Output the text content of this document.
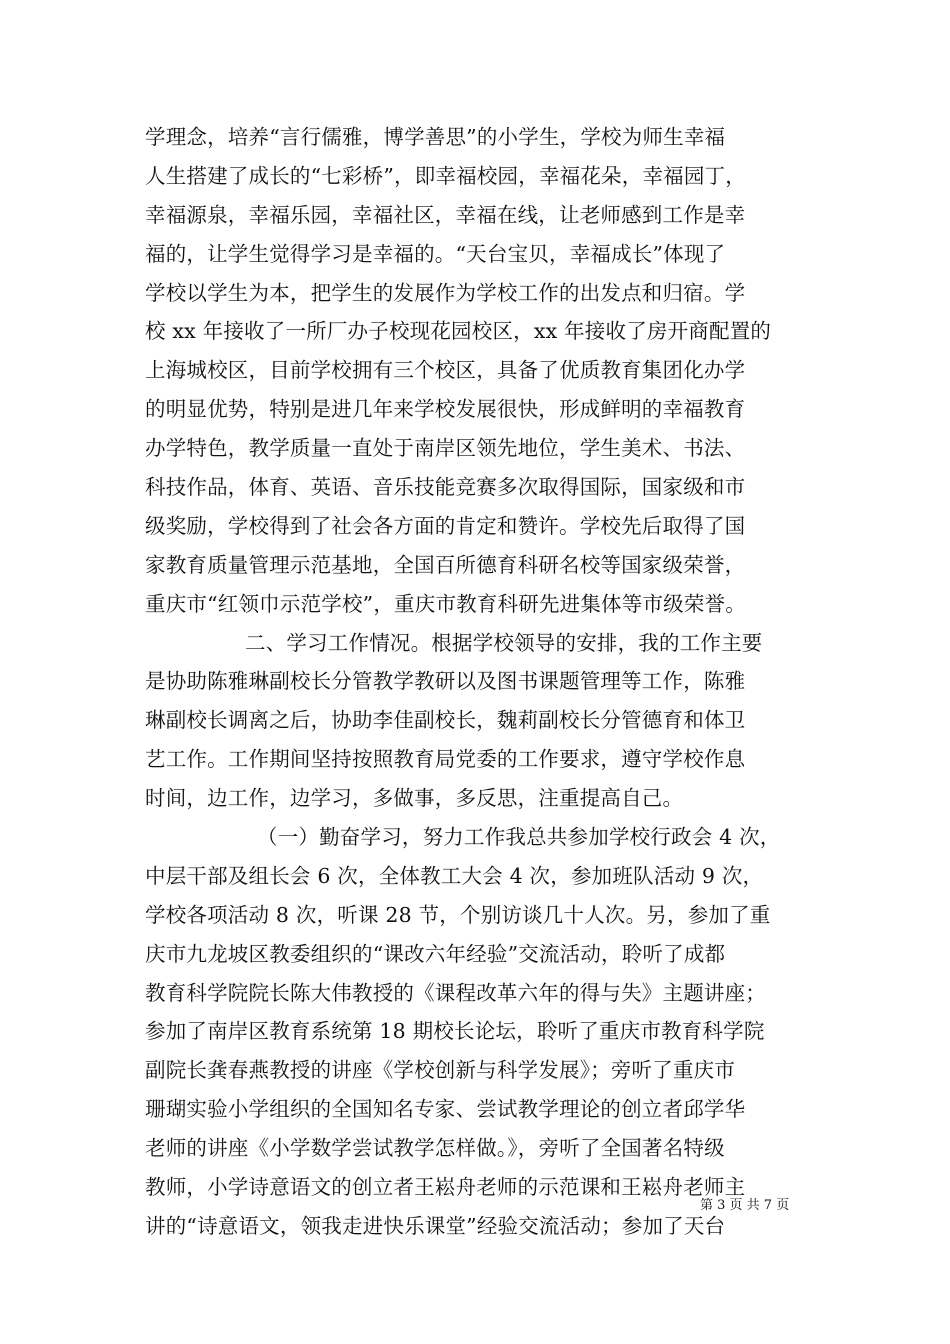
学理念，培养“言行儒雅，博学善思”的小学生，学校为师生幸福
人生搭建了成长的“七彩桥”，即幸福校园，幸福花朵，幸福园丁，
幸福源泉，幸福乐园，幸福社区，幸福在线，让老师感到工作是幸
福的，让学生觉得学习是幸福的。“天台宝贝，幸福成长”体现了
学校以学生为本，把学生的发展作为学校工作的出发点和归宿。学
校 xx 年接收了一所厂办子校现花园校区，xx 年接收了房开商配置的
上海城校区，目前学校拥有三个校区，具备了优质教育集团化办学
的明显优势，特别是进几年来学校发展很快，形成鲜明的幸福教育
办学特色，教学质量一直处于南岸区领先地位，学生美术、书法、
科技作品，体育、英语、音乐技能竞赛多次取得国际，国家级和市
级奖励，学校得到了社会各方面的肯定和赞许。学校先后取得了国
家教育质量管理示范基地，全国百所德育科研名校等国家级荣誉，
重庆市“红领巾示范学校”，重庆市教育科研先进集体等市级荣誉。
二、学习工作情况。根据学校领导的安排，我的工作主要
是协助陈雅琳副校长分管教学教研以及图书课题管理等工作，陈雅
琳副校长调离之后，协助李佳副校长，魏莉副校长分管德育和体卫
艺工作。工作期间坚持按照教育局党委的工作要求，遵守学校作息
时间，边工作，边学习，多做事，多反思，注重提高自己。
（一）勤奋学习，努力工作我总共参加学校行政会 4 次，
中层干部及组长会 6 次，全体教工大会 4 次，参加班队活动 9 次，
学校各项活动 8 次，听课 28 节，个别访谈几十人次。另，参加了重
庆市九龙坡区教委组织的“课改六年经验”交流活动，聆听了成都
教育科学院院长陈大伟教授的《课程改革六年的得与失》主题讲座；
参加了南岸区教育系统第 18 期校长论坛，聆听了重庆市教育科学院
副院长龚春燕教授的讲座《学校创新与科学发展》；旁听了重庆市
珊瑚实验小学组织的全国知名专家、尝试教学理论的创立者邱学华
老师的讲座《小学数学尝试教学怎样做。》，旁听了全国著名特级
教师，小学诗意语文的创立者王崧舟老师的示范课和王崧舟老师主
讲的“诗意语文，领我走进快乐课堂”经验交流活动；参加了天台
第 3 页 共 7 页
